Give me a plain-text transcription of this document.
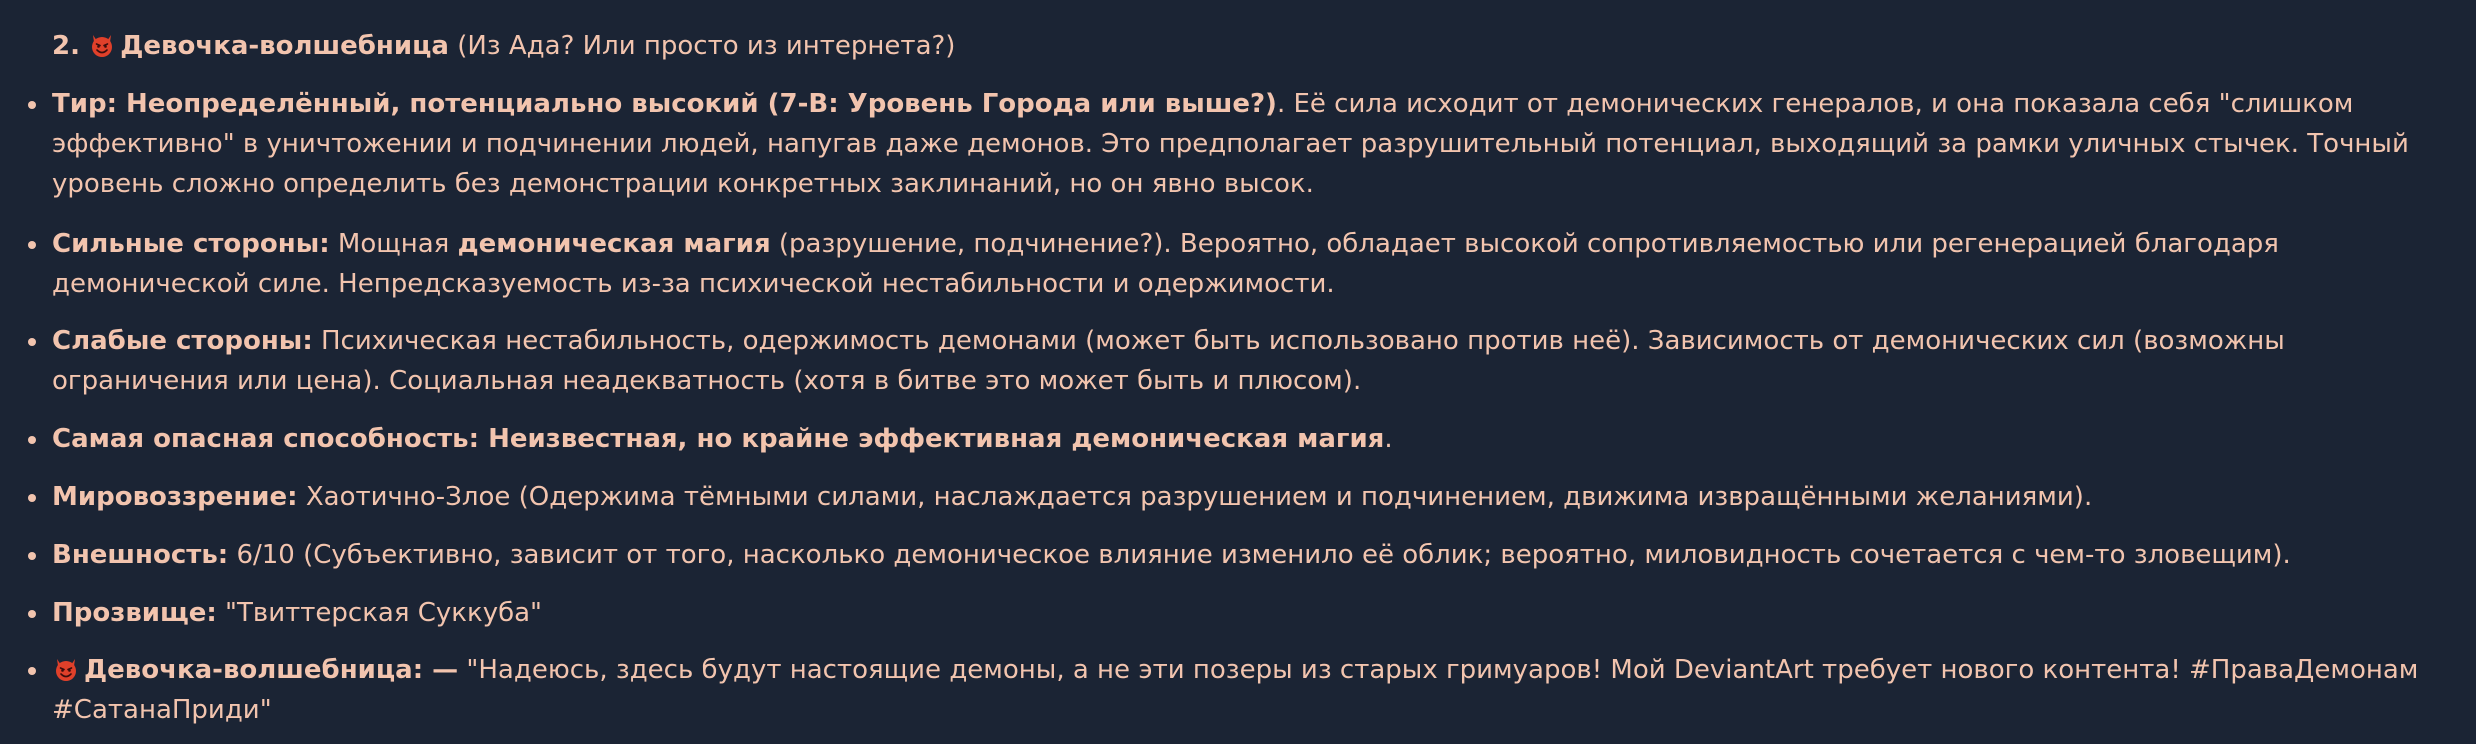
2. Девочка-волшебница (Из Ада? Или просто из интернета?)
Тир: Неопределённый, потенциально высокий (7-B: Уровень Города или выше?). Её сила исходит от демонических генералов, и она показала себя "слишком эффективно" в уничтожении и подчинении людей, напугав даже демонов. Это предполагает разрушительный потенциал, выходящий за рамки уличных стычек. Точный уровень сложно определить без демонстрации конкретных заклинаний, но он явно высок.
Сильные стороны: Мощная демоническая магия (разрушение, подчинение?). Вероятно, обладает высокой сопротивляемостью или регенерацией благодаря демонической силе. Непредсказуемость из-за психической нестабильности и одержимости.
Слабые стороны: Психическая нестабильность, одержимость демонами (может быть использовано против неё). Зависимость от демонических сил (возможны ограничения или цена). Социальная неадекватность (хотя в битве это может быть и плюсом).
Самая опасная способность: Неизвестная, но крайне эффективная демоническая магия.
Мировоззрение: Хаотично-Злое (Одержима тёмными силами, наслаждается разрушением и подчинением, движима извращёнными желаниями).
Внешность: 6/10 (Субъективно, зависит от того, насколько демоническое влияние изменило её облик; вероятно, миловидность сочетается с чем-то зловещим).
Прозвище: "Твиттерская Суккуба"
Девочка-волшебница: — "Надеюсь, здесь будут настоящие демоны, а не эти позеры из старых гримуаров! Мой DeviantArt требует нового контента! #ПраваДемонам #СатанаПриди"
